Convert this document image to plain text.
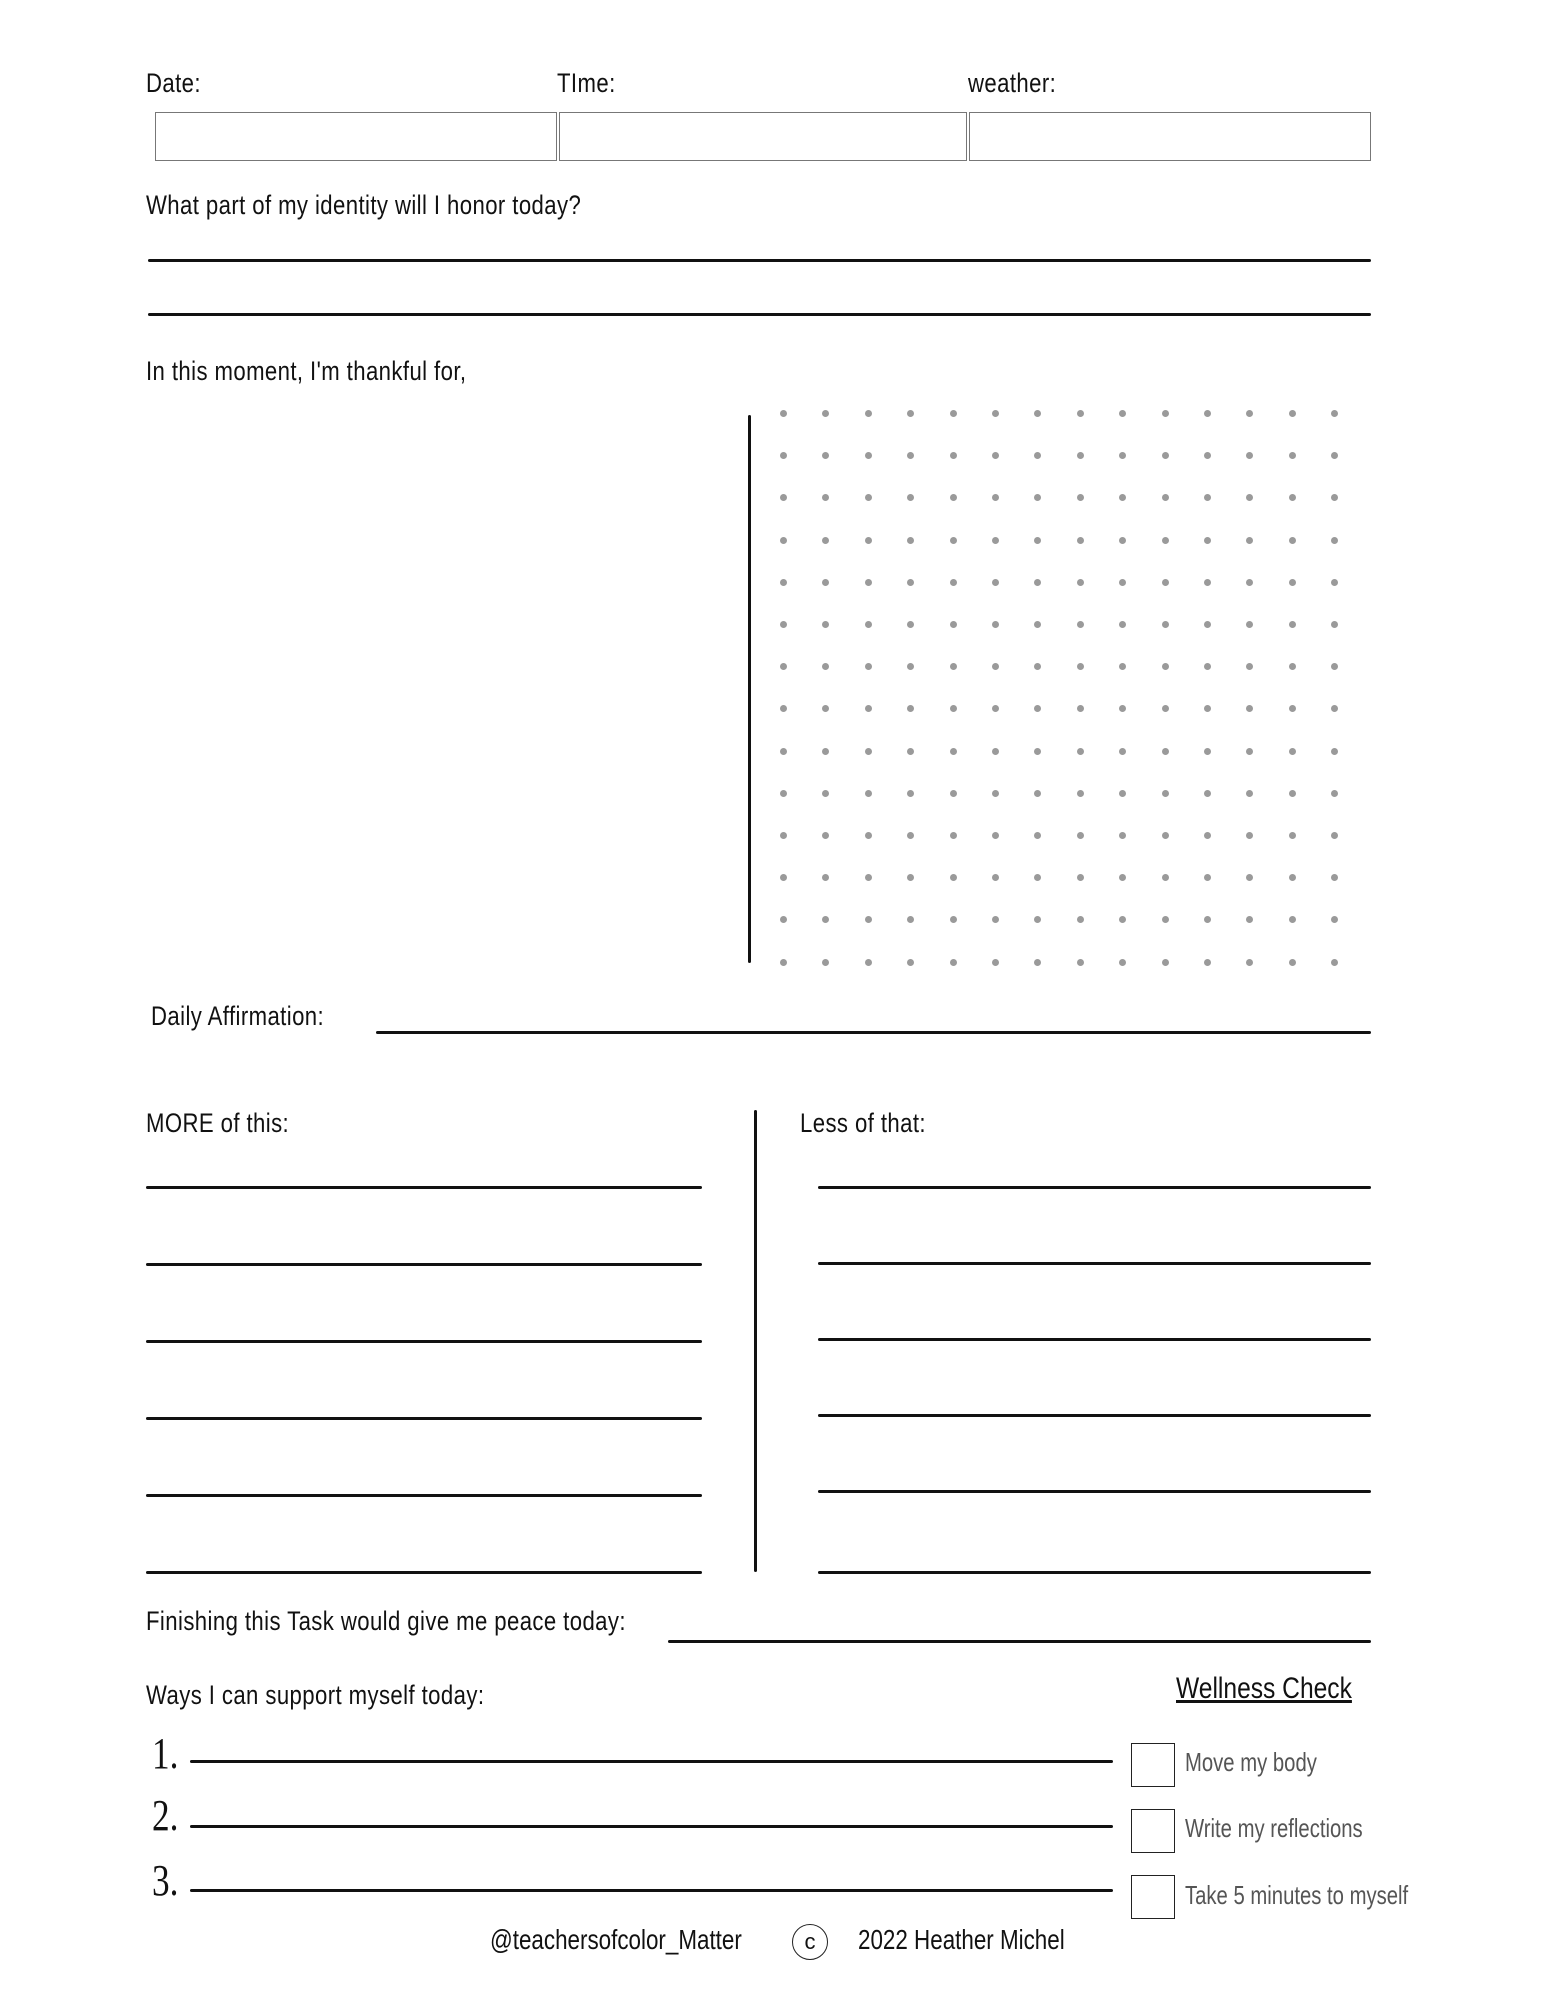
Date:	TIme:	weather:
What part of my identity will I honor today?
In this moment, I'm thankful for,
Daily Affirmation:
MORE of this:	Less of that:
Finishing this Task would give me peace today:
Ways I can support myself today:
1.
2.
3.
Wellness Check
Move my body
Write my reflections
Take 5 minutes to myself
@teachersofcolor_Matter	c	2022 Heather Michel
